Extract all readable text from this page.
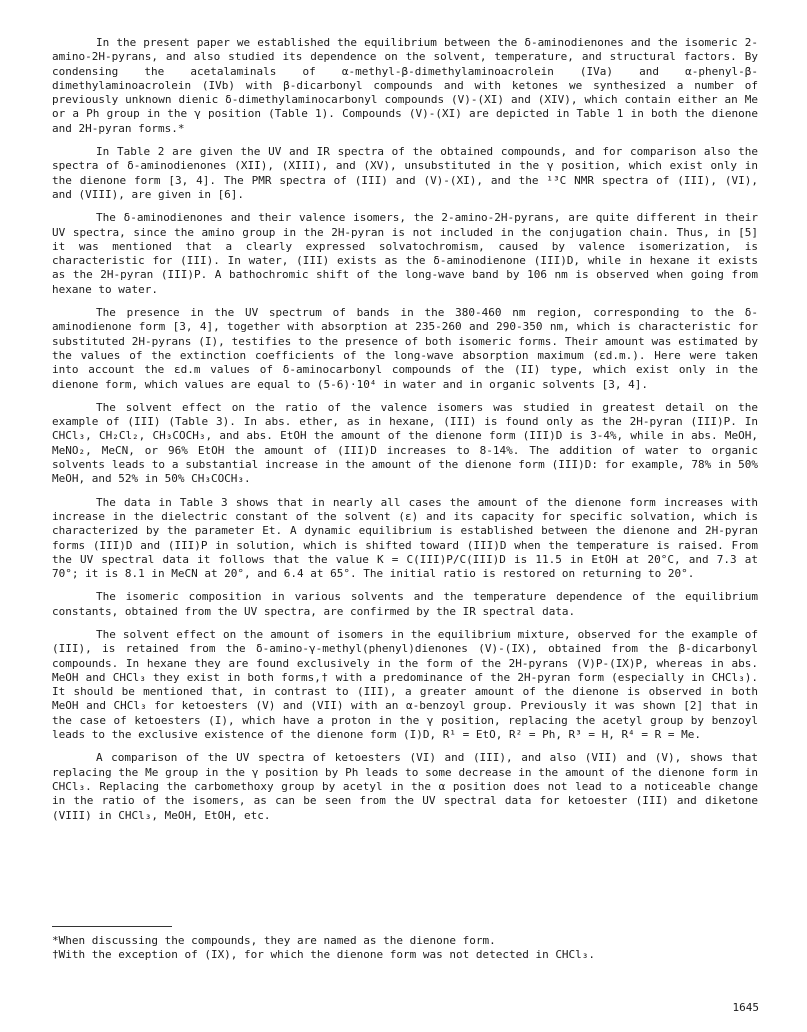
In the present paper we established the equilibrium between the δ-aminodienones and the isomeric 2-amino-2H-pyrans, and also studied its dependence on the solvent, temperature, and structural factors. By condensing the acetalaminals of α-methyl-β-dimethylaminoacrolein (IVa) and α-phenyl-β-dimethylaminoacrolein (IVb) with β-dicarbonyl compounds and with ketones we synthesized a number of previously unknown dienic δ-dimethylaminocarbonyl compounds (V)-(XI) and (XIV), which contain either an Me or a Ph group in the γ position (Table 1). Compounds (V)-(XI) are depicted in Table 1 in both the dienone and 2H-pyran forms.*

In Table 2 are given the UV and IR spectra of the obtained compounds, and for comparison also the spectra of δ-aminodienones (XII), (XIII), and (XV), unsubstituted in the γ position, which exist only in the dienone form [3, 4]. The PMR spectra of (III) and (V)-(XI), and the ¹³C NMR spectra of (III), (VI), and (VIII), are given in [6].

The δ-aminodienones and their valence isomers, the 2-amino-2H-pyrans, are quite different in their UV spectra, since the amino group in the 2H-pyran is not included in the conjugation chain. Thus, in [5] it was mentioned that a clearly expressed solvatochromism, caused by valence isomerization, is characteristic for (III). In water, (III) exists as the δ-aminodienone (III)D, while in hexane it exists as the 2H-pyran (III)P. A bathochromic shift of the long-wave band by 106 nm is observed when going from hexane to water.

The presence in the UV spectrum of bands in the 380-460 nm region, corresponding to the δ-aminodienone form [3, 4], together with absorption at 235-260 and 290-350 nm, which is characteristic for substituted 2H-pyrans (I), testifies to the presence of both isomeric forms. Their amount was estimated by the values of the extinction coefficients of the long-wave absorption maximum (εd.m.). Here were taken into account the εd.m values of δ-aminocarbonyl compounds of the (II) type, which exist only in the dienone form, which values are equal to (5-6)·10⁴ in water and in organic solvents [3, 4].

The solvent effect on the ratio of the valence isomers was studied in greatest detail on the example of (III) (Table 3). In abs. ether, as in hexane, (III) is found only as the 2H-pyran (III)P. In CHCl₃, CH₂Cl₂, CH₃COCH₃, and abs. EtOH the amount of the dienone form (III)D is 3-4%, while in abs. MeOH, MeNO₂, MeCN, or 96% EtOH the amount of (III)D increases to 8-14%. The addition of water to organic solvents leads to a substantial increase in the amount of the dienone form (III)D: for example, 78% in 50% MeOH, and 52% in 50% CH₃COCH₃.

The data in Table 3 shows that in nearly all cases the amount of the dienone form increases with increase in the dielectric constant of the solvent (ε) and its capacity for specific solvation, which is characterized by the parameter Et. A dynamic equilibrium is established between the dienone and 2H-pyran forms (III)D and (III)P in solution, which is shifted toward (III)D when the temperature is raised. From the UV spectral data it follows that the value K = C(III)P/C(III)D is 11.5 in EtOH at 20°C, and 7.3 at 70°; it is 8.1 in MeCN at 20°, and 6.4 at 65°. The initial ratio is restored on returning to 20°.

The isomeric composition in various solvents and the temperature dependence of the equilibrium constants, obtained from the UV spectra, are confirmed by the IR spectral data.

The solvent effect on the amount of isomers in the equilibrium mixture, observed for the example of (III), is retained from the δ-amino-γ-methyl(phenyl)dienones (V)-(IX), obtained from the β-dicarbonyl compounds. In hexane they are found exclusively in the form of the 2H-pyrans (V)P-(IX)P, whereas in abs. MeOH and CHCl₃ they exist in both forms,† with a predominance of the 2H-pyran form (especially in CHCl₃). It should be mentioned that, in contrast to (III), a greater amount of the dienone is observed in both MeOH and CHCl₃ for ketoesters (V) and (VII) with an α-benzoyl group. Previously it was shown [2] that in the case of ketoesters (I), which have a proton in the γ position, replacing the acetyl group by benzoyl leads to the exclusive existence of the dienone form (I)D, R¹ = EtO, R² = Ph, R³ = H, R⁴ = R = Me.

A comparison of the UV spectra of ketoesters (VI) and (III), and also (VII) and (V), shows that replacing the Me group in the γ position by Ph leads to some decrease in the amount of the dienone form in CHCl₃. Replacing the carbomethoxy group by acetyl in the α position does not lead to a noticeable change in the ratio of the isomers, as can be seen from the UV spectral data for ketoester (III) and diketone (VIII) in CHCl₃, MeOH, EtOH, etc.

*When discussing the compounds, they are named as the dienone form.

†With the exception of (IX), for which the dienone form was not detected in CHCl₃.

1645
